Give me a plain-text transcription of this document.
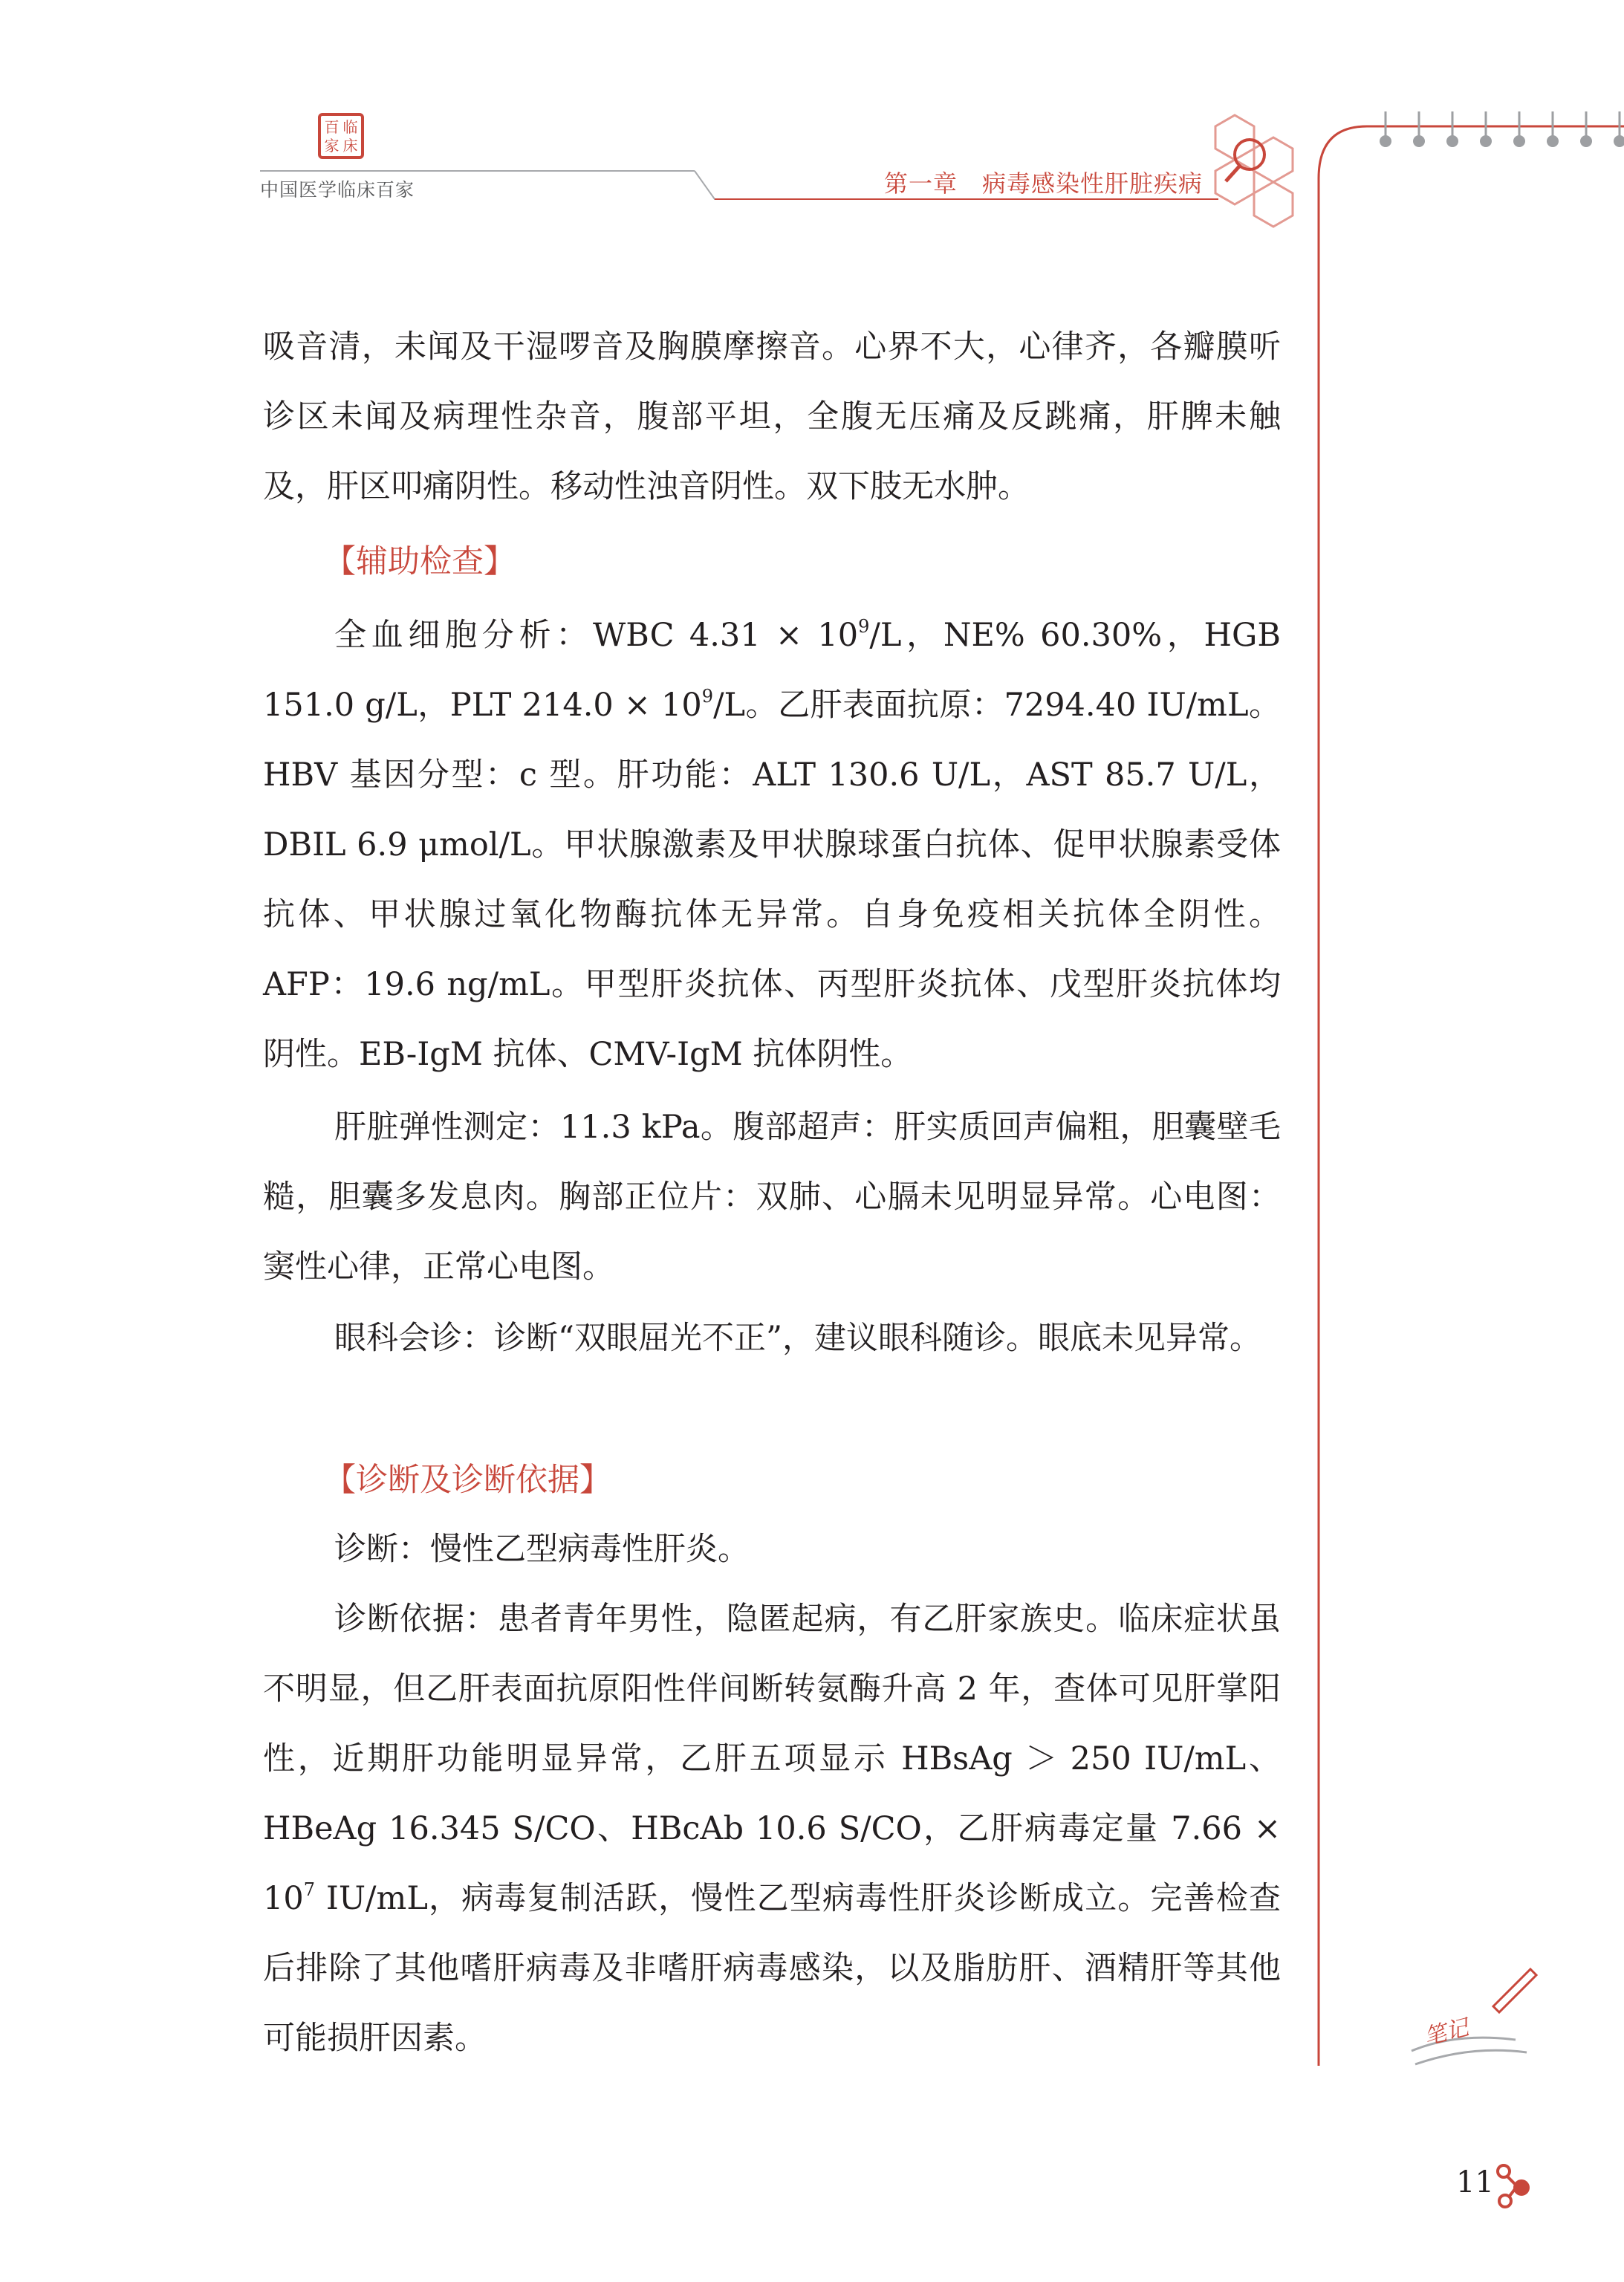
百 临
家 床
中国医学临床百家	第一章　病毒感染性肝脏疾病

吸音清，未闻及干湿啰音及胸膜摩擦音。心界不大，心律齐，各瓣膜听诊区未闻及病理性杂音，腹部平坦，全腹无压痛及反跳痛，肝脾未触及，肝区叩痛阴性。移动性浊音阴性。双下肢无水肿。

【辅助检查】

全血细胞分析：WBC $4.31 \times 10^9/L$，NE% 60.30%，HGB 151.0 g/L，PLT $214.0 \times 10^9/L$。乙肝表面抗原：7294.40 IU/mL。HBV 基因分型：c 型。肝功能：ALT 130.6 U/L，AST 85.7 U/L，DBIL 6.9 μmol/L。甲状腺激素及甲状腺球蛋白抗体、促甲状腺素受体抗体、甲状腺过氧化物酶抗体无异常。自身免疫相关抗体全阴性。AFP：19.6 ng/mL。甲型肝炎抗体、丙型肝炎抗体、戊型肝炎抗体均阴性。EB-IgM 抗体、CMV-IgM 抗体阴性。

肝脏弹性测定：11.3 kPa。腹部超声：肝实质回声偏粗，胆囊壁毛糙，胆囊多发息肉。胸部正位片：双肺、心膈未见明显异常。心电图：窦性心律，正常心电图。

眼科会诊：诊断“双眼屈光不正”，建议眼科随诊。眼底未见异常。

【诊断及诊断依据】

诊断：慢性乙型病毒性肝炎。

诊断依据：患者青年男性，隐匿起病，有乙肝家族史。临床症状虽不明显，但乙肝表面抗原阳性伴间断转氨酶升高 2 年，查体可见肝掌阳性，近期肝功能明显异常，乙肝五项显示 HBsAg ＞ 250 IU/mL、HBeAg 16.345 S/CO、HBcAb 10.6 S/CO，乙肝病毒定量 $7.66 \times 10^7$ IU/mL，病毒复制活跃，慢性乙型病毒性肝炎诊断成立。完善检查后排除了其他嗜肝病毒及非嗜肝病毒感染，以及脂肪肝、酒精肝等其他可能损肝因素。	笔记
11
